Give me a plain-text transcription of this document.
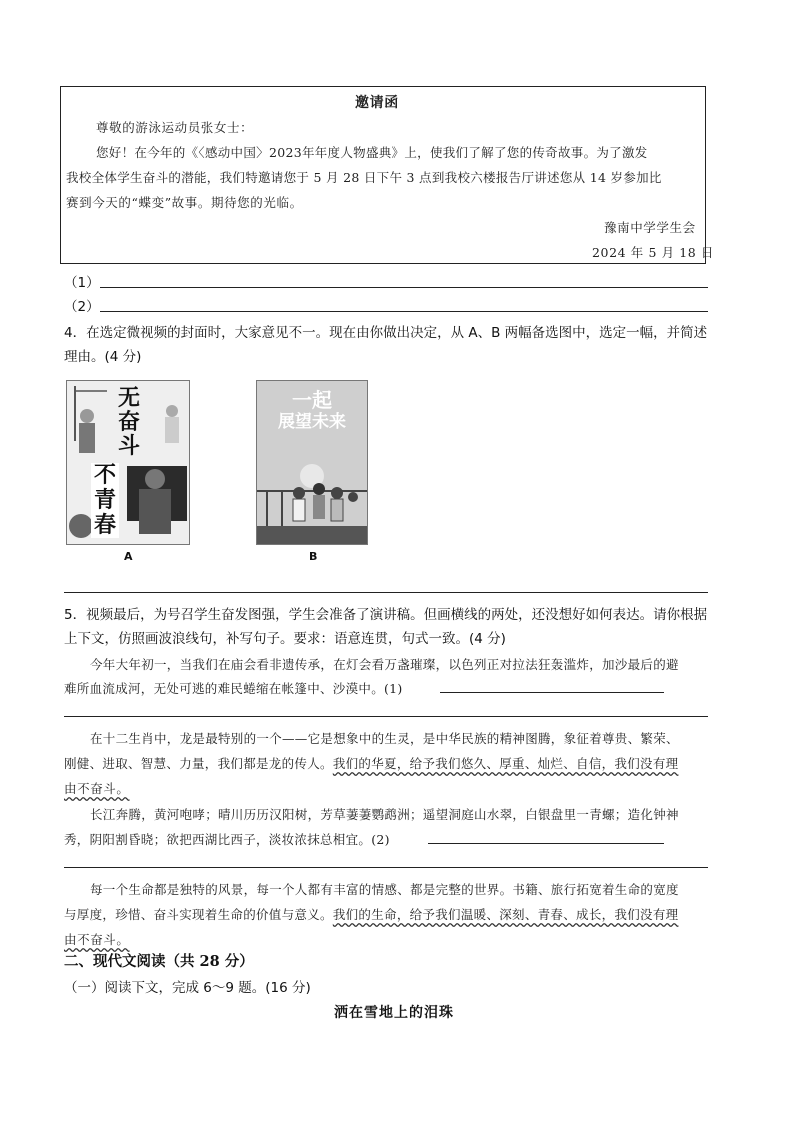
邀请函
尊敬的游泳运动员张女士：
您好！在今年的《〈感动中国〉2023年年度人物盛典》上，使我们了解了您的传奇故事。为了激发
我校全体学生奋斗的潜能，我们特邀请您于 5 月 28 日下午 3 点到我校六楼报告厅讲述您从 14 岁参加比
赛到今天的“蝶变”故事。期待您的光临。
豫南中学学生会
2024 年 5 月 18 日
（1）
（2）
4．在选定微视频的封面时，大家意见不一。现在由你做出决定，从 A、B 两幅备选图中，选定一幅，并简述
理由。(4 分)
无
奋
斗
不
青
春
A
一起
展望未来
B
5．视频最后，为号召学生奋发图强，学生会准备了演讲稿。但画横线的两处，还没想好如何表达。请你根据
上下文，仿照画波浪线句，补写句子。要求：语意连贯，句式一致。(4 分)
今年大年初一，当我们在庙会看非遗传承，在灯会看万盏璀璨，以色列正对拉法狂轰滥炸，加沙最后的避
难所血流成河，无处可逃的难民蜷缩在帐篷中、沙漠中。(1)
在十二生肖中，龙是最特别的一个——它是想象中的生灵，是中华民族的精神图腾，象征着尊贵、繁荣、
刚健、进取、智慧、力量，我们都是龙的传人。我们的华夏，给予我们悠久、厚重、灿烂、自信，我们没有理
由不奋斗。
长江奔腾，黄河咆哮；晴川历历汉阳树，芳草萋萋鹦鹉洲；遥望洞庭山水翠，白银盘里一青螺；造化钟神
秀，阴阳割昏晓；欲把西湖比西子，淡妆浓抹总相宜。(2)
每一个生命都是独特的风景，每一个人都有丰富的情感、都是完整的世界。书籍、旅行拓宽着生命的宽度
与厚度，珍惜、奋斗实现着生命的价值与意义。我们的生命，给予我们温暖、深刻、青春、成长，我们没有理
由不奋斗。
二、现代文阅读（共 28 分）
（一）阅读下文，完成 6～9 题。(16 分)
洒在雪地上的泪珠
